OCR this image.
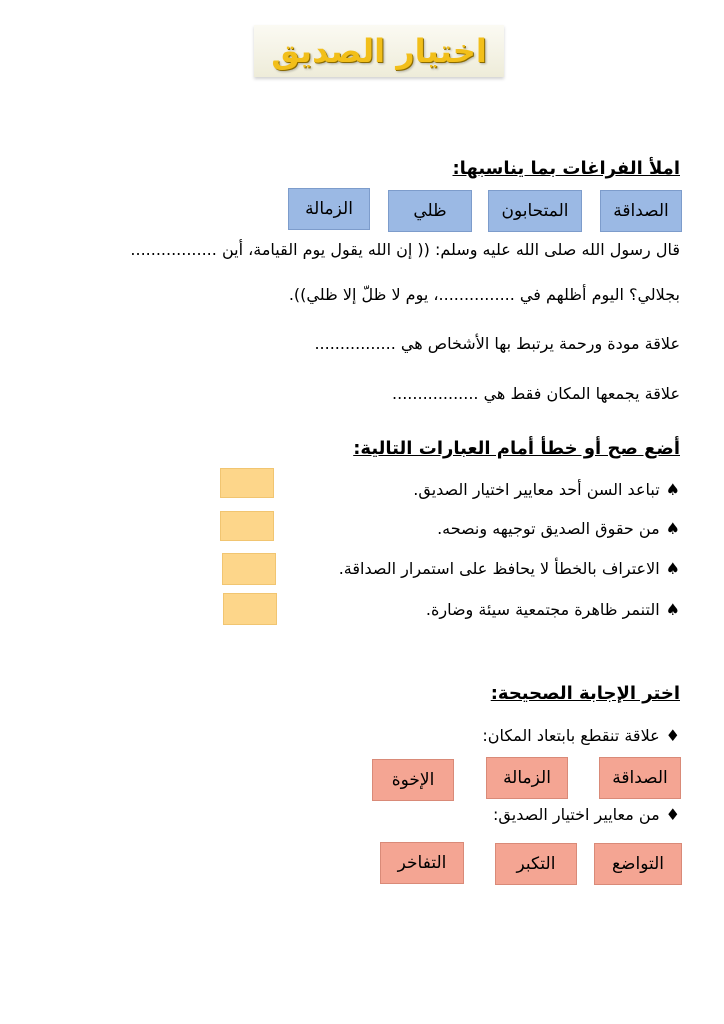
اختيار الصديق
املأ الفراغات بما يناسبها:
الصداقة
المتحابون
ظلي
الزمالة
قال رسول الله صلى الله عليه وسلم: (( إن الله يقول يوم القيامة، أين .................
بجلالي؟ اليوم أظلهم في ...............، يوم لا ظلّ إلا ظلي)).
علاقة مودة ورحمة يرتبط بها الأشخاص هي ................
علاقة يجمعها المكان فقط هي .................
أضع صح أو خطأ أمام العبارات التالية:
♠تباعد السن أحد معايير اختيار الصديق.
♠من حقوق الصديق توجيهه ونصحه.
♠الاعتراف بالخطأ لا يحافظ على استمرار الصداقة.
♠التنمر ظاهرة مجتمعية سيئة وضارة.
اختر الإجابة الصحيحة:
♦علاقة تنقطع بابتعاد المكان:
الصداقة
الزمالة
الإخوة
♦من معايير اختيار الصديق:
التواضع
التكبر
التفاخر
